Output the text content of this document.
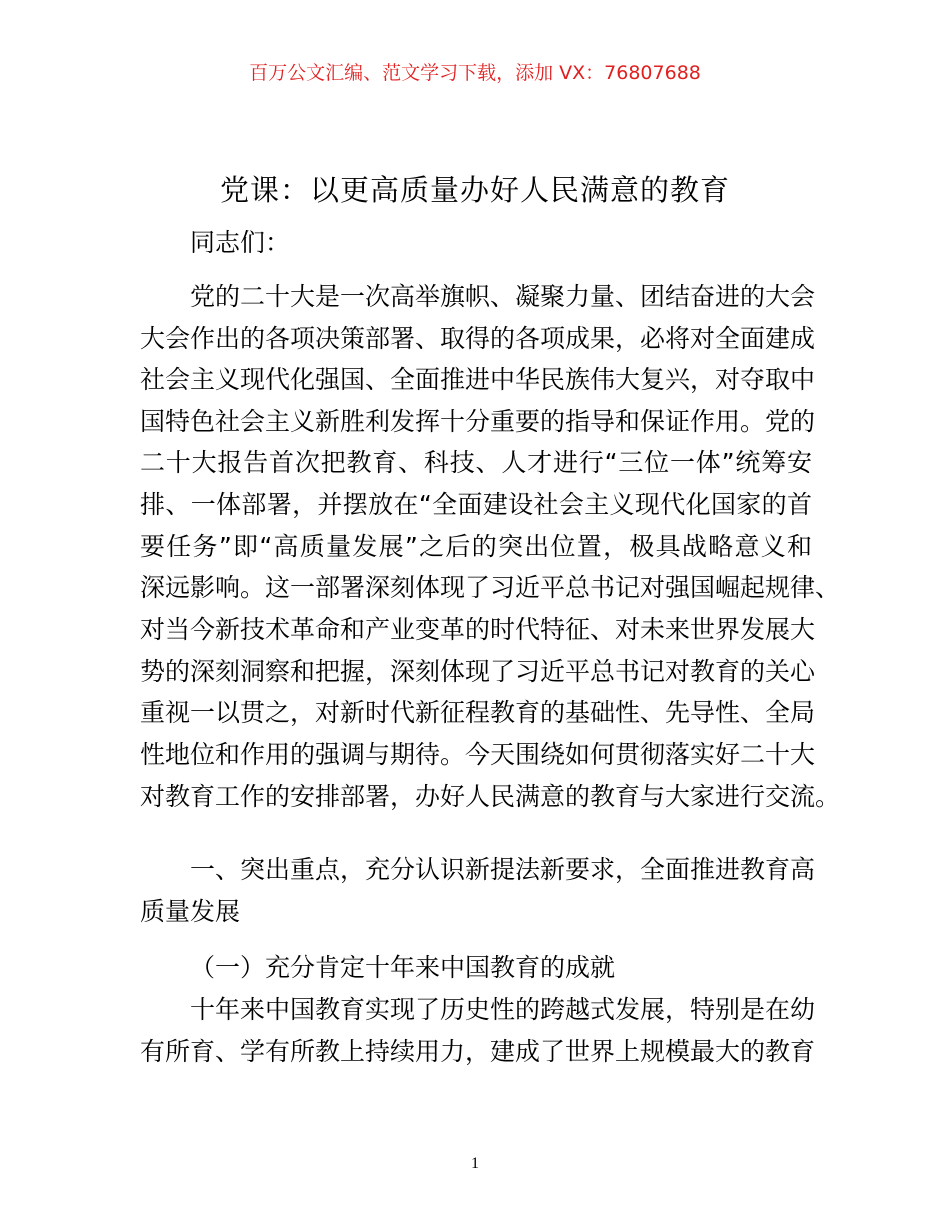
百万公文汇编、范文学习下载，添加 VX：76807688
党课：以更高质量办好人民满意的教育
同志们：
党的二十大是一次高举旗帜、凝聚力量、团结奋进的大会
大会作出的各项决策部署、取得的各项成果，必将对全面建成
社会主义现代化强国、全面推进中华民族伟大复兴，对夺取中
国特色社会主义新胜利发挥十分重要的指导和保证作用。党的
二十大报告首次把教育、科技、人才进行“三位一体”统筹安
排、一体部署，并摆放在“全面建设社会主义现代化国家的首
要任务”即“高质量发展”之后的突出位置，极具战略意义和
深远影响。这一部署深刻体现了习近平总书记对强国崛起规律、
对当今新技术革命和产业变革的时代特征、对未来世界发展大
势的深刻洞察和把握，深刻体现了习近平总书记对教育的关心
重视一以贯之，对新时代新征程教育的基础性、先导性、全局
性地位和作用的强调与期待。今天围绕如何贯彻落实好二十大
对教育工作的安排部署，办好人民满意的教育与大家进行交流。
一、突出重点，充分认识新提法新要求，全面推进教育高
质量发展
（一）充分肯定十年来中国教育的成就
十年来中国教育实现了历史性的跨越式发展，特别是在幼
有所育、学有所教上持续用力，建成了世界上规模最大的教育
1
